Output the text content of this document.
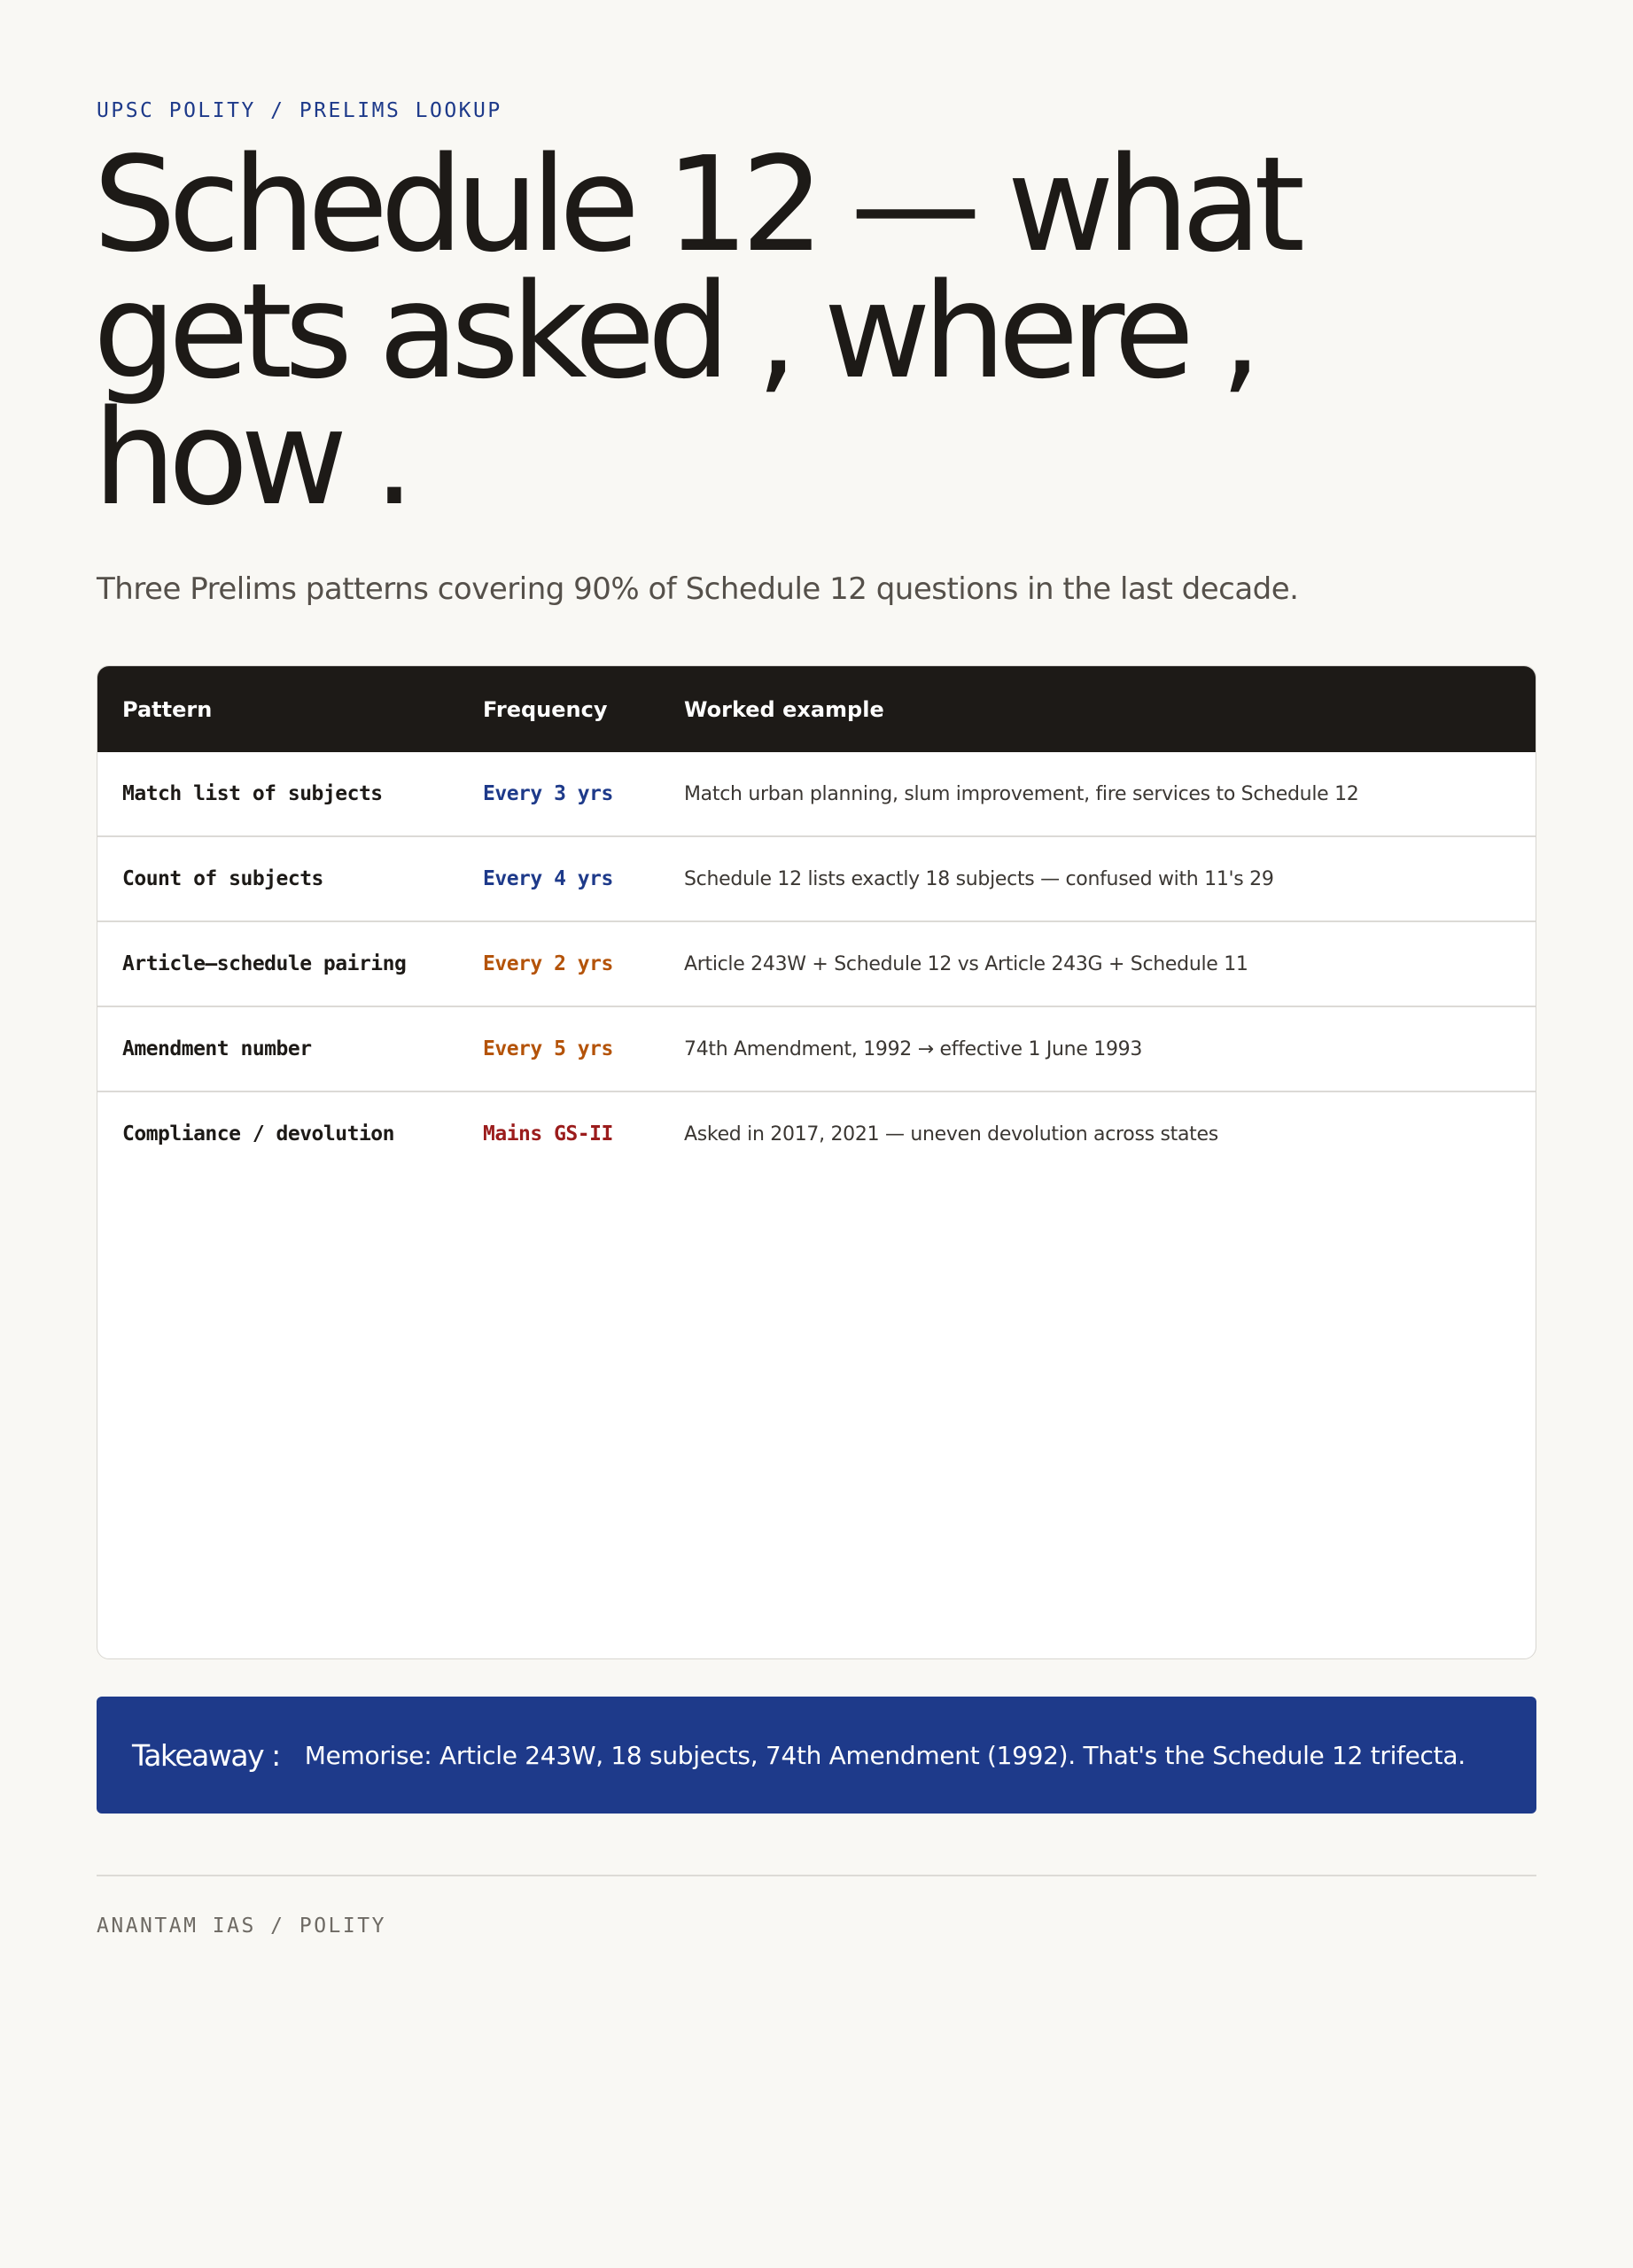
UPSC POLITY / PRELIMS LOOKUP
Schedule 12 — what
gets asked , where ,
how .
Three Prelims patterns covering 90% of Schedule 12 questions in the last decade.
Pattern	Frequency	Worked example
Match list of subjects	Every 3 yrs	Match urban planning, slum improvement, fire services to Schedule 12
Count of subjects	Every 4 yrs	Schedule 12 lists exactly 18 subjects — confused with 11's 29
Article–schedule pairing	Every 2 yrs	Article 243W + Schedule 12 vs Article 243G + Schedule 11
Amendment number	Every 5 yrs	74th Amendment, 1992 → effective 1 June 1993
Compliance / devolution	Mains GS-II	Asked in 2017, 2021 — uneven devolution across states
Takeaway : Memorise: Article 243W, 18 subjects, 74th Amendment (1992). That's the Schedule 12 trifecta.
ANANTAM IAS / POLITY
